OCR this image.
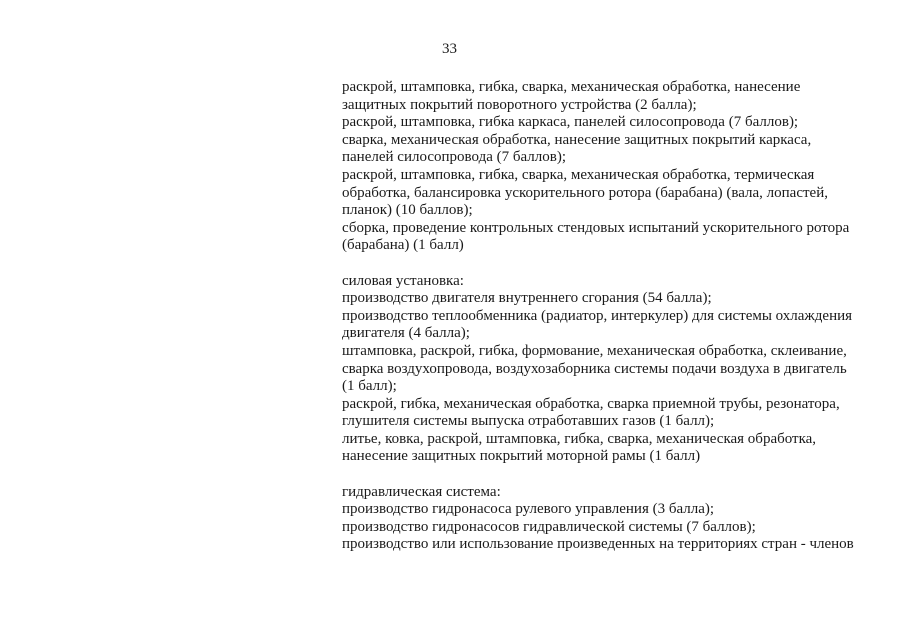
33
раскрой, штамповка, гибка, сварка, механическая обработка, нанесение
защитных покрытий поворотного устройства (2 балла);
раскрой, штамповка, гибка каркаса, панелей силосопровода (7 баллов);
сварка, механическая обработка, нанесение защитных покрытий каркаса,
панелей силосопровода (7 баллов);
раскрой, штамповка, гибка, сварка, механическая обработка, термическая
обработка, балансировка ускорительного ротора (барабана) (вала, лопастей,
планок) (10 баллов);
сборка, проведение контрольных стендовых испытаний ускорительного ротора
(барабана) (1 балл)
силовая установка:
производство двигателя внутреннего сгорания (54 балла);
производство теплообменника (радиатор, интеркулер) для системы охлаждения
двигателя (4 балла);
штамповка, раскрой, гибка, формование, механическая обработка, склеивание,
сварка воздухопровода, воздухозаборника системы подачи воздуха в двигатель
(1 балл);
раскрой, гибка, механическая обработка, сварка приемной трубы, резонатора,
глушителя системы выпуска отработавших газов (1 балл);
литье, ковка, раскрой, штамповка, гибка, сварка, механическая обработка,
нанесение защитных покрытий моторной рамы (1 балл)
гидравлическая система:
производство гидронасоса рулевого управления (3 балла);
производство гидронасосов гидравлической системы (7 баллов);
производство или использование произведенных на территориях стран - членов
